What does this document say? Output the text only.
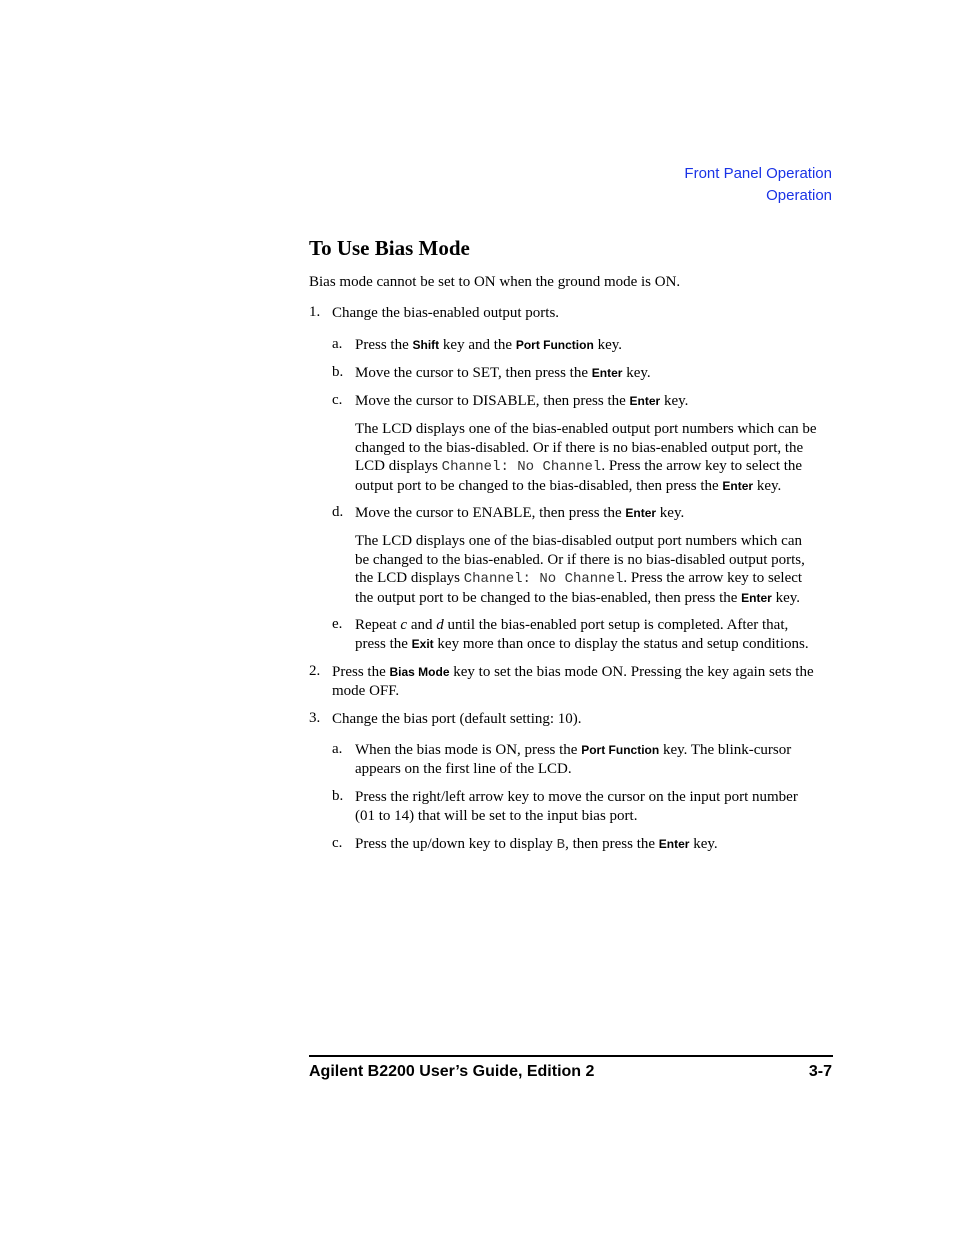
Front Panel Operation
Operation
To Use Bias Mode

Bias mode cannot be set to ON when the ground mode is ON.

1. Change the bias-enabled output ports.

a. Press the Shift key and the Port Function key.

b. Move the cursor to SET, then press the Enter key.

c. Move the cursor to DISABLE, then press the Enter key.

The LCD displays one of the bias-enabled output port numbers which can be
changed to the bias-disabled. Or if there is no bias-enabled output port, the
LCD displays Channel: No Channel. Press the arrow key to select the
output port to be changed to the bias-disabled, then press the Enter key.
d. Move the cursor to ENABLE, then press the Enter key.

The LCD displays one of the bias-disabled output port numbers which can
be changed to the bias-enabled. Or if there is no bias-disabled output ports,
the LCD displays Channel: No Channel. Press the arrow key to select
the output port to be changed to the bias-enabled, then press the Enter key.
e. Repeat c and d until the bias-enabled port setup is completed. After that,
press the Exit key more than once to display the status and setup conditions.
2. Press the Bias Mode key to set the bias mode ON. Pressing the key again sets the
mode OFF.
3. Change the bias port (default setting: 10).

a. When the bias mode is ON, press the Port Function key. The blink-cursor
appears on the first line of the LCD.
b. Press the right/left arrow key to move the cursor on the input port number
(01 to 14) that will be set to the input bias port.
c. Press the up/down key to display B, then press the Enter key.

Agilent B2200 User’s Guide, Edition 2	3-7
